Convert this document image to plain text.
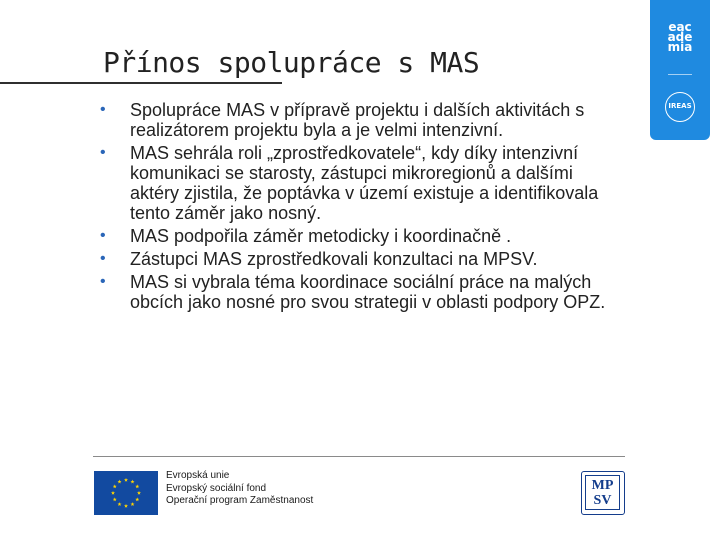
eac
ade
mia
IREAS
Přínos spolupráce s MAS
•	Spolupráce MAS v přípravě projektu i dalších aktivitách s realizátorem projektu byla a je velmi intenzivní.
•	MAS sehrála roli „zprostředkovatele“, kdy díky intenzivní komunikaci se starosty, zástupci mikroregionů a dalšími aktéry zjistila, že poptávka v území existuje a identifikovala tento záměr jako nosný.
•	MAS podpořila záměr metodicky i koordinačně .
•	Zástupci MAS zprostředkovali konzultaci na MPSV.
•	MAS si vybrala téma koordinace sociální práce na malých obcích jako nosné pro svou strategii v oblasti podpory OPZ.
Evropská unie
Evropský sociální fond
Operační program Zaměstnanost
MP
SV
